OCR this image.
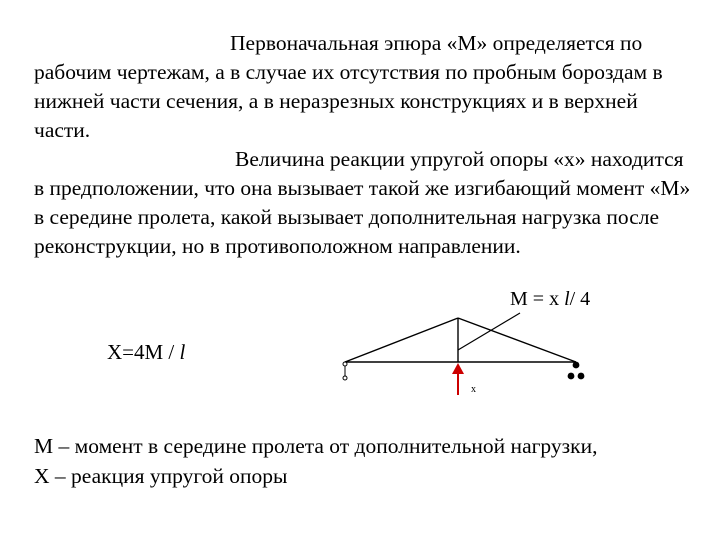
Первоначальная эпюра «М» определяется по рабочим чертежам, а в случае их отсутствия по пробным бороздам в нижней части сечения, а в неразрезных конструкциях и в верхней части.

Величина реакции упругой опоры «х» находится в предположении, что она вызывает такой же изгибающий момент «М» в середине пролета, какой вызывает дополнительная нагрузка после реконструкции, но в противоположном направлении.

М = х l/ 4

Х=4М / l

х
М – момент в середине пролета от дополнительной нагрузки,
Х – реакция упругой опоры
